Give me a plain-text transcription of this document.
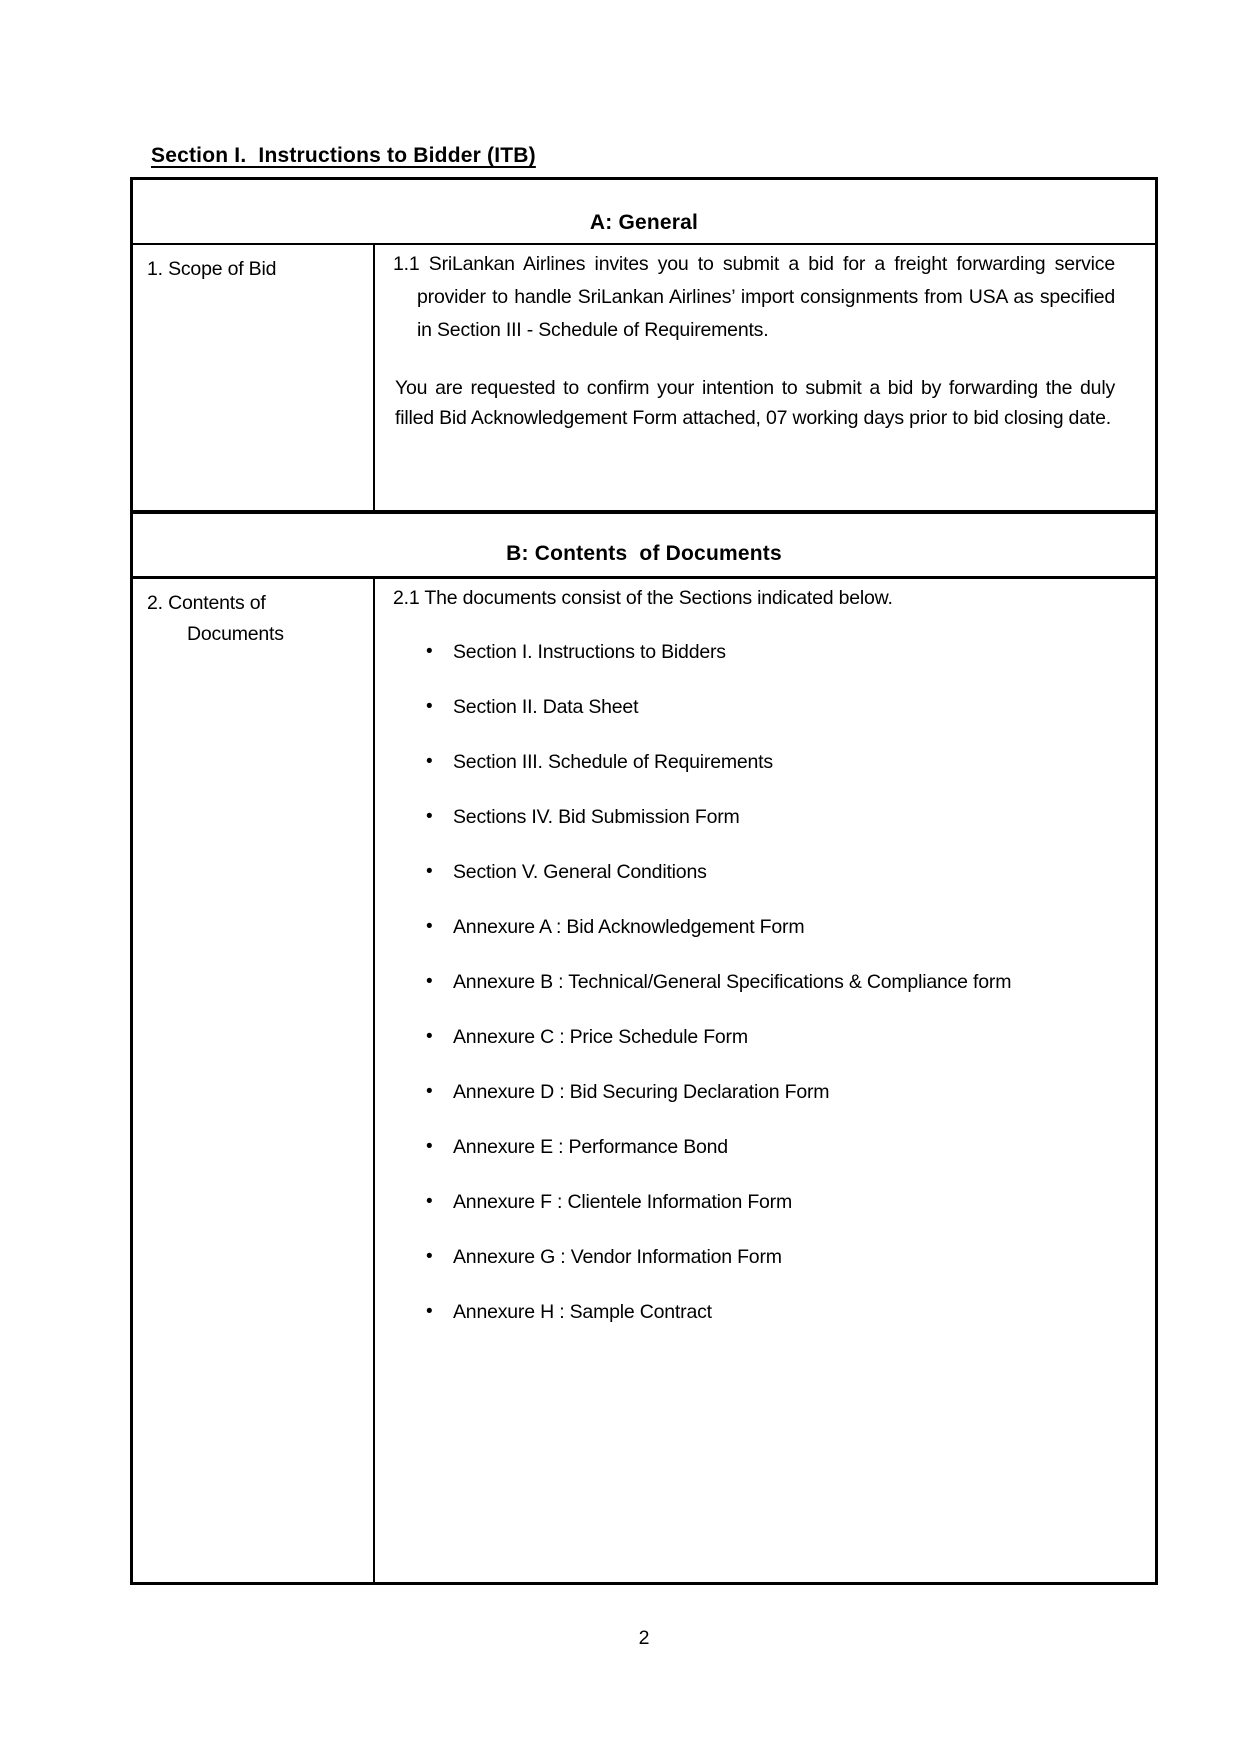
Section I.  Instructions to Bidder (ITB)
A: General
1. Scope of Bid	1.1 SriLankan Airlines invites you to submit a bid for a freight forwarding service provider to handle SriLankan Airlines’ import consignments from USA as specified in Section III - Schedule of Requirements.

You are requested to confirm your intention to submit a bid by forwarding the duly filled Bid Acknowledgement Form attached, 07 working days prior to bid closing date.

B: Contents  of Documents
2. Contents of
Documents

2.1 The documents consist of the Sections indicated below.

• Section I. Instructions to Bidders
• Section II. Data Sheet
• Section III. Schedule of Requirements
• Sections IV. Bid Submission Form
• Section V. General Conditions
• Annexure A : Bid Acknowledgement Form
• Annexure B : Technical/General Specifications & Compliance form
• Annexure C : Price Schedule Form
• Annexure D : Bid Securing Declaration Form
• Annexure E : Performance Bond
• Annexure F : Clientele Information Form
• Annexure G : Vendor Information Form
• Annexure H : Sample Contract
2
